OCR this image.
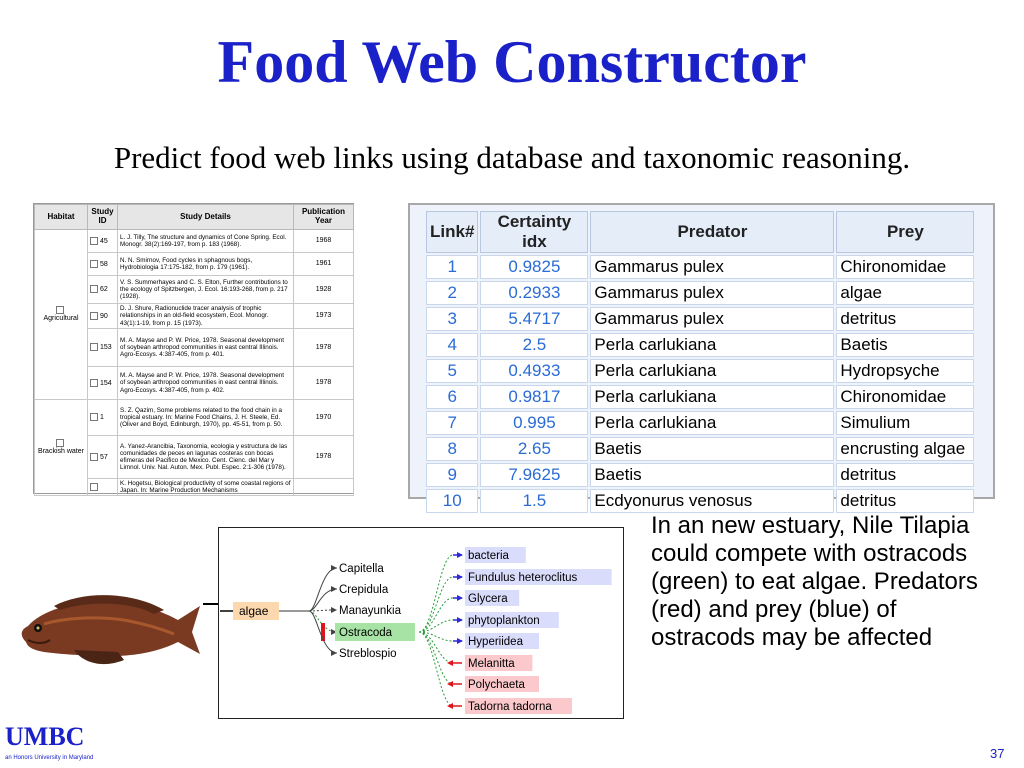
Food Web Constructor
Predict food web links using database and taxonomic reasoning.
Habitat	Study ID	Study Details	Publication Year

Agricultural	45	L. J. Tilly, The structure and dynamics of Cone Spring. Ecol. Monogr. 38(2):169-197, from p. 183 (1968).	1968
	58	N. N. Smirnov, Food cycles in sphagnous bogs, Hydrobiologia 17:175-182, from p. 179 (1961).	1961
	62	V. S. Summerhayes and C. S. Elton, Further contributions to the ecology of Spitzbergen, J. Ecol. 16:193-268, from p. 217 (1928).	1928
	90	D. J. Shure, Radionuclide tracer analysis of trophic relationships in an old-field ecosystem, Ecol. Monogr. 43(1):1-19, from p. 15 (1973).	1973
	153	M. A. Mayse and P. W. Price, 1978. Seasonal development of soybean arthropod communities in east central Illinois. Agro-Ecosys. 4:387-405, from p. 401.	1978
	154	M. A. Mayse and P. W. Price, 1978. Seasonal development of soybean arthropod communities in east central Illinois. Agro-Ecosys. 4:387-405, from p. 402.	1978

Brackish water	1	S. Z. Qazim, Some problems related to the food chain in a tropical estuary. In: Marine Food Chains, J. H. Steele, Ed. (Oliver and Boyd, Edinburgh, 1970), pp. 45-51, from p. 50.	1970
	57	A. Yanez-Arancibia, Taxonomia, ecologia y estructura de las comunidades de peces en lagunas costeras con bocas efimeras del Pacifico de Mexico. Cent. Cienc. del Mar y Limnol. Univ. Nal. Auton. Mex. Publ. Espec. 2:1-306 (1978).	1978
		K. Hogetsu, Biological productivity of some coastal regions of Japan. In: Marine Production Mechanisms	
Link#	Certainty idx	Predator	Prey
1	0.9825	Gammarus pulex	Chironomidae
2	0.2933	Gammarus pulex	algae
3	5.4717	Gammarus pulex	detritus
4	2.5	Perla carlukiana	Baetis
5	0.4933	Perla carlukiana	Hydropsyche
6	0.9817	Perla carlukiana	Chironomidae
7	0.995	Perla carlukiana	Simulium
8	2.65	Baetis	encrusting algae
9	7.9625	Baetis	detritus
10	1.5	Ecdyonurus venosus	detritus
algae
Capitella
Crepidula
Manayunkia
Ostracoda
Streblospio
bacteria
Fundulus heteroclitus
Glycera
phytoplankton
Hyperiidea
Melanitta
Polychaeta
Tadorna tadorna
In an new estuary, Nile Tilapia could compete with ostracods (green) to eat algae. Predators (red) and prey (blue) of ostracods may be affected
UMBC
an Honors University in Maryland	37
